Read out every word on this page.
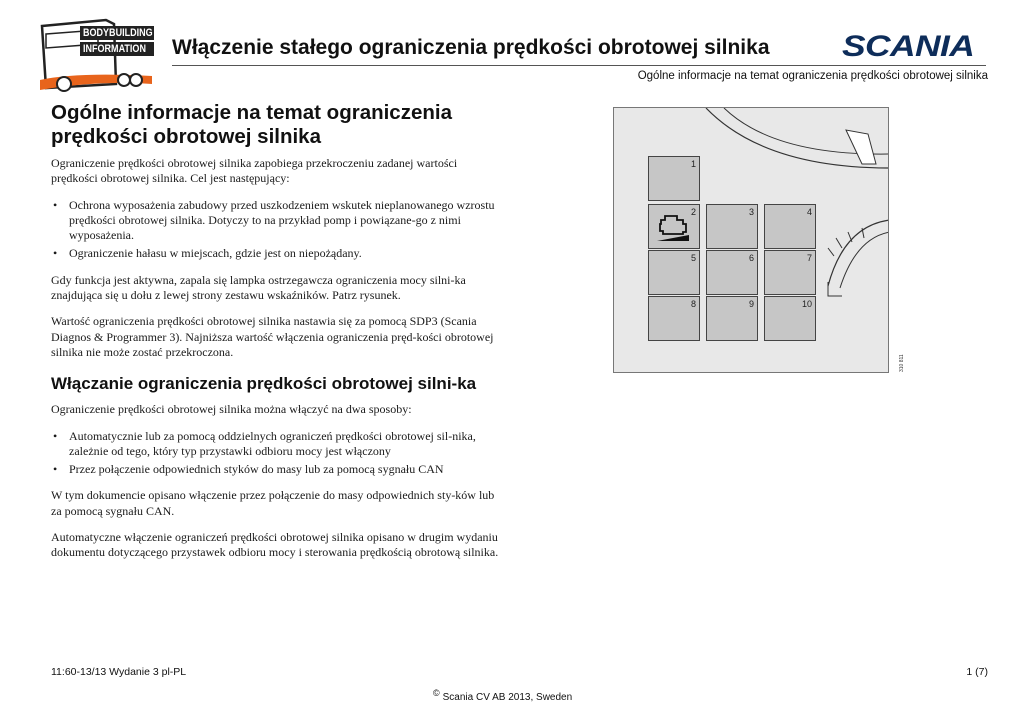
BODYBUILDING
INFORMATION Włączenie stałego ograniczenia prędkości obrotowej silnika SCANIA
Ogólne informacje na temat ograniczenia prędkości obrotowej silnika
Ogólne informacje na temat ograniczenia prędkości obrotowej silnika

Ograniczenie prędkości obrotowej silnika zapobiega przekroczeniu zadanej wartości prędkości obrotowej silnika. Cel jest następujący:

• Ochrona wyposażenia zabudowy przed uszkodzeniem wskutek nieplanowanego wzrostu prędkości obrotowej silnika. Dotyczy to na przykład pomp i powiązane-go z nimi wyposażenia.
• Ograniczenie hałasu w miejscach, gdzie jest on niepożądany.

Gdy funkcja jest aktywna, zapala się lampka ostrzegawcza ograniczenia mocy silni-ka znajdująca się u dołu z lewej strony zestawu wskaźników. Patrz rysunek.

Wartość ograniczenia prędkości obrotowej silnika nastawia się za pomocą SDP3 (Scania Diagnos & Programmer 3). Najniższa wartość włączenia ograniczenia pręd-kości obrotowej silnika nie może zostać przekroczona.

Włączanie ograniczenia prędkości obrotowej silni-ka

Ograniczenie prędkości obrotowej silnika można włączyć na dwa sposoby:

• Automatycznie lub za pomocą oddzielnych ograniczeń prędkości obrotowej sil-nika, zależnie od tego, który typ przystawki odbioru mocy jest włączony
• Przez połączenie odpowiednich styków do masy lub za pomocą sygnału CAN

W tym dokumencie opisano włączenie przez połączenie do masy odpowiednich sty-ków lub za pomocą sygnału CAN.

Automatyczne włączenie ograniczeń prędkości obrotowej silnika opisano w drugim wydaniu dokumentu dotyczącego przystawek odbioru mocy i sterowania prędkością obrotową silnika.

1
2	3	4
5	6	7
8	9	10
310 811
11:60-13/13 Wydanie 3 pl-PL	1 (7)
© Scania CV AB 2013, Sweden
